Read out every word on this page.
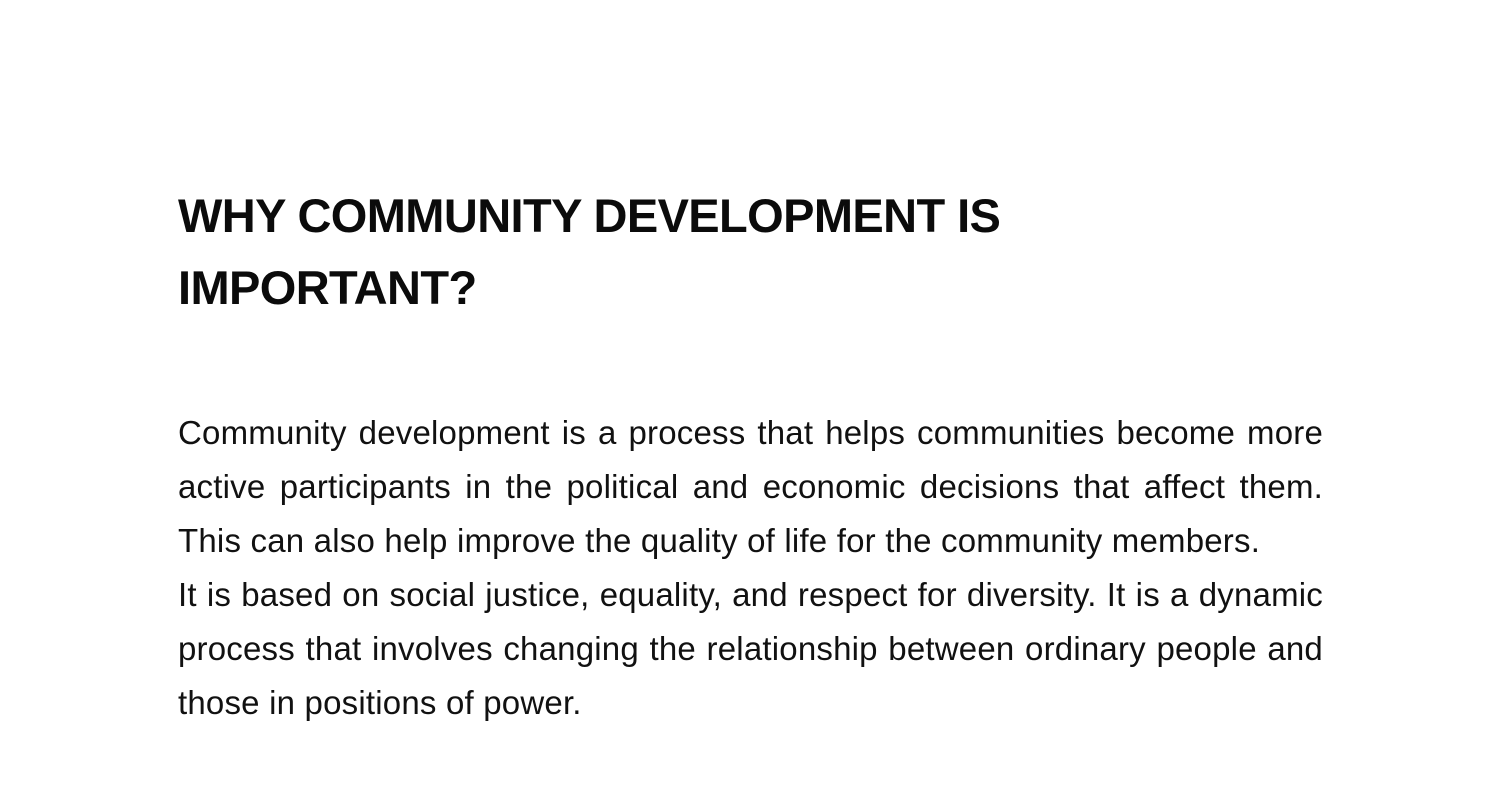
WHY COMMUNITY DEVELOPMENT IS IMPORTANT?

Community development is a process that helps communities become more active participants in the political and economic decisions that affect them. This can also help improve the quality of life for the community members.

It is based on social justice, equality, and respect for diversity. It is a dynamic process that involves changing the relationship between ordinary people and those in positions of power.
